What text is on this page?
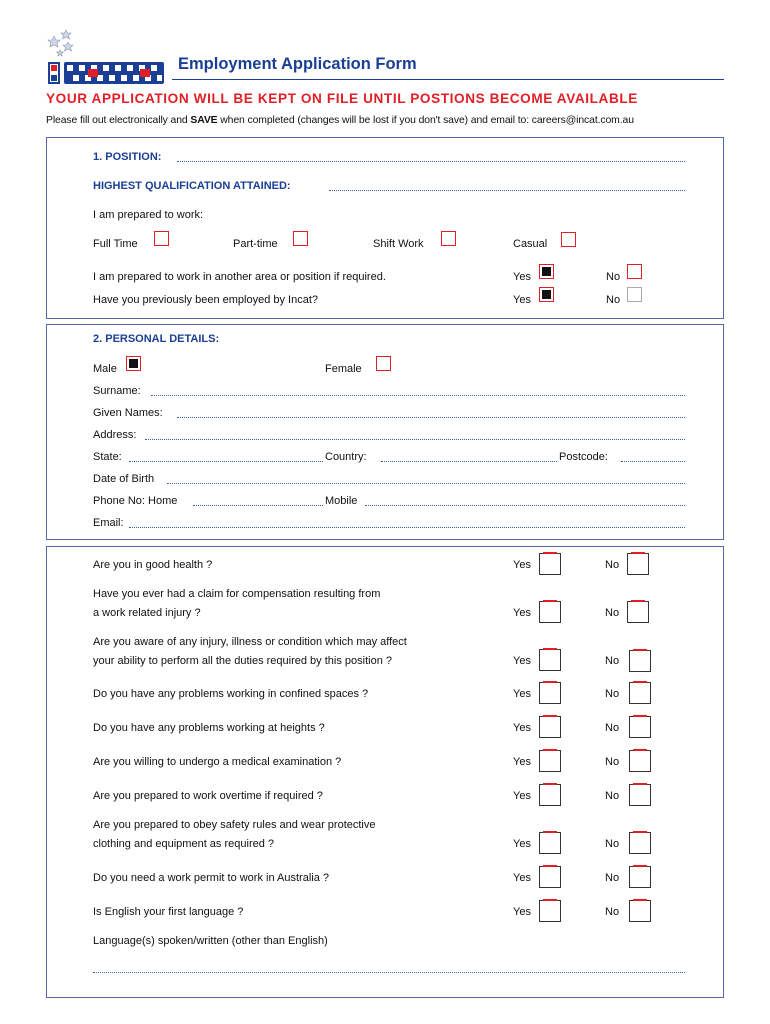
Employment Application Form
YOUR APPLICATION WILL BE KEPT ON FILE UNTIL POSTIONS BECOME AVAILABLE
Please fill out electronically and SAVE when completed (changes will be lost if you don't save) and email to: careers@incat.com.au
1. POSITION:
HIGHEST QUALIFICATION ATTAINED:
I am prepared to work:
Full Time	Part-time	Shift Work	Casual
I am prepared to work in another area or position if required.	Yes	No
Have you previously been employed by Incat?	Yes	No
2. PERSONAL DETAILS:
Male	Female
Surname:
Given Names:
Address:
State:	Country:	Postcode:
Date of Birth
Phone No: Home	Mobile
Email:
Are you in good health ?	Yes	No
Have you ever had a claim for compensation resulting from
a work related injury ?	Yes	No
Are you aware of any injury, illness or condition which may affect
your ability to perform all the duties required by this position ?	Yes	No
Do you have any problems working in confined spaces ?	Yes	No
Do you have any problems working at heights ?	Yes	No
Are you willing to undergo a medical examination ?	Yes	No
Are you prepared to work overtime if required ?	Yes	No
Are you prepared to obey safety rules and wear protective
clothing and equipment as required ?	Yes	No
Do you need a work permit to work in Australia ?	Yes	No
Is English your first language ?	Yes	No
Language(s) spoken/written (other than English)
